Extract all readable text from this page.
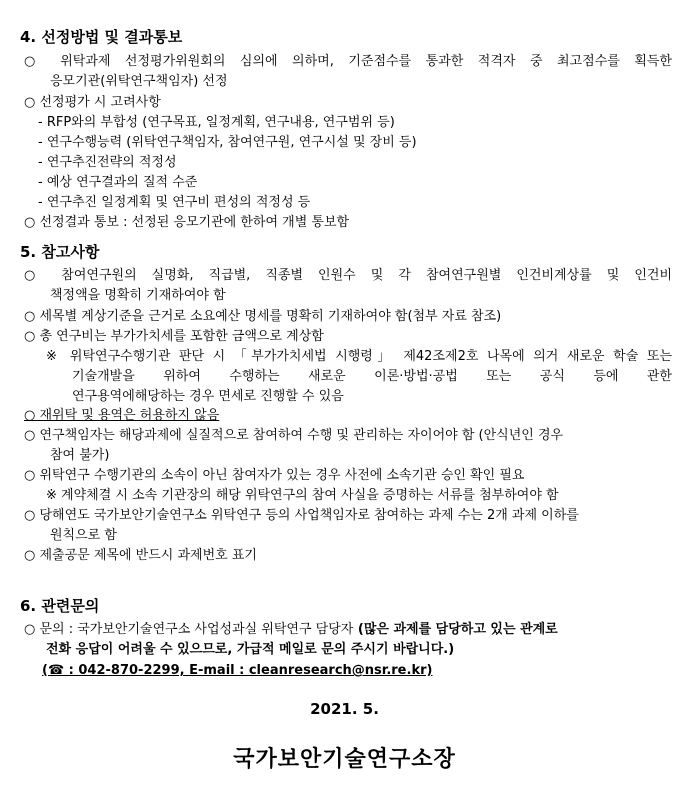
4. 선정방법 및 결과통보
○ 위탁과제 선정평가위원회의 심의에 의하며, 기준점수를 통과한 적격자 중 최고점수를 획득한
응모기관(위탁연구책임자) 선정
○ 선정평가 시 고려사항
- RFP와의 부합성 (연구목표, 일정계획, 연구내용, 연구범위 등)
- 연구수행능력 (위탁연구책임자, 참여연구원, 연구시설 및 장비 등)
- 연구추진전략의 적정성
- 예상 연구결과의 질적 수준
- 연구추진 일정계획 및 연구비 편성의 적정성 등
○ 선정결과 통보 : 선정된 응모기관에 한하여 개별 통보함
5. 참고사항
○ 참여연구원의 실명화, 직급별, 직종별 인원수 및 각 참여연구원별 인건비계상률 및 인건비
책정액을 명확히 기재하여야 함
○ 세목별 계상기준을 근거로 소요예산 명세를 명확히 기재하여야 함(첨부 자료 참조)
○ 총 연구비는 부가가치세를 포함한 금액으로 계상함
※ 위탁연구수행기관 판단 시 「부가가치세법 시행령」 제42조제2호 나목에 의거 새로운 학술 또는
기술개발을 위하여 수행하는 새로운 이론·방법·공법 또는 공식 등에 관한
연구용역에해당하는 경우 면세로 진행할 수 있음
○ 재위탁 및 용역은 허용하지 않음
○ 연구책임자는 해당과제에 실질적으로 참여하여 수행 및 관리하는 자이어야 함 (안식년인 경우
참여 불가)
○ 위탁연구 수행기관의 소속이 아닌 참여자가 있는 경우 사전에 소속기관 승인 확인 필요
※ 계약체결 시 소속 기관장의 해당 위탁연구의 참여 사실을 증명하는 서류를 첨부하여야 함
○ 당해연도 국가보안기술연구소 위탁연구 등의 사업책임자로 참여하는 과제 수는 2개 과제 이하를
원칙으로 함
○ 제출공문 제목에 반드시 과제번호 표기
6. 관련문의
○ 문의 : 국가보안기술연구소 사업성과실 위탁연구 담당자 (많은 과제를 담당하고 있는 관계로
전화 응답이 어려울 수 있으므로, 가급적 메일로 문의 주시기 바랍니다.)
(☎ : 042-870-2299, E-mail : cleanresearch@nsr.re.kr)
2021. 5.
국가보안기술연구소장
